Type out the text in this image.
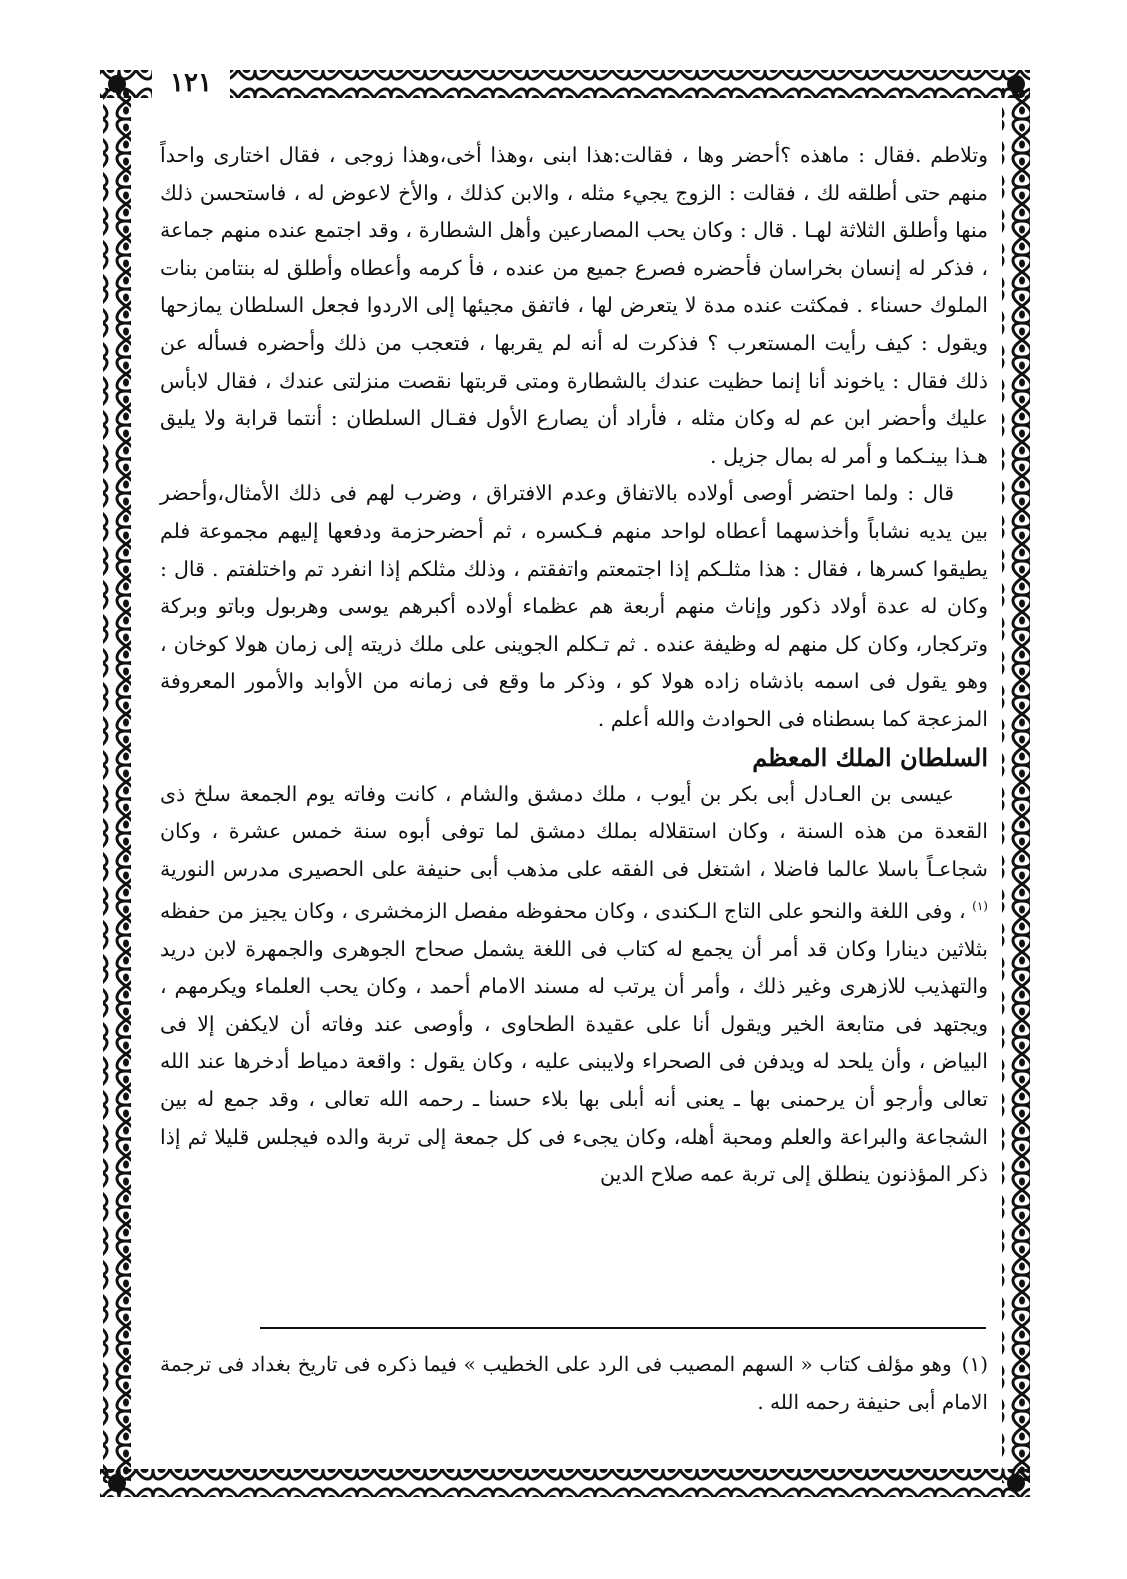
١٢١

وتلاطم .فقال : ماهذه ؟أحضر وها ، فقالت:هذا ابنى ،وهذا أخى،وهذا زوجى ، فقال اختارى واحداً منهم حتى أطلقه لك ، فقالت : الزوج يجيء مثله ، والابن كذلك ، والأخ لاعوض له ، فاستحسن ذلك منها وأطلق الثلاثة لهـا . قال : وكان يحب المصارعين وأهل الشطارة ، وقد اجتمع عنده منهم جماعة ، فذكر له إنسان بخراسان فأحضره فصرع جميع من عنده ، فأ كرمه وأعطاه وأطلق له بنتامن بنات الملوك حسناء . فمكثت عنده مدة لا يتعرض لها ، فاتفق مجيئها إلى الاردوا فجعل السلطان يمازحها ويقول : كيف رأيت المستعرب ؟ فذكرت له أنه لم يقربها ، فتعجب من ذلك وأحضره فسأله عن ذلك فقال : ياخوند أنا إنما حظيت عندك بالشطارة ومتى قربتها نقصت منزلتى عندك ، فقال لابأس عليك وأحضر ابن عم له وكان مثله ، فأراد أن يصارع الأول فقـال السلطان : أنتما قرابة ولا يليق هـذا بينـكما و أمر له بمال جزيل .

قال : ولما احتضر أوصى أولاده بالاتفاق وعدم الافتراق ، وضرب لهم فى ذلك الأمثال،وأحضر بين يديه نشاباً وأخذسهما أعطاه لواحد منهم فـكسره ، ثم أحضرحزمة ودفعها إليهم مجموعة فلم يطيقوا كسرها ، فقال : هذا مثلـكم إذا اجتمعتم واتفقتم ، وذلك مثلكم إذا انفرد تم واختلفتم . قال : وكان له عدة أولاد ذكور وإناث منهم أربعة هم عظماء أولاده أكبرهم يوسى وهربول وباتو وبركة وتركجار، وكان كل منهم له وظيفة عنده . ثم تـكلم الجوينى على ملك ذريته إلى زمان هولا كوخان ، وهو يقول فى اسمه باذشاه زاده هولا كو ، وذكر ما وقع فى زمانه من الأوابد والأمور المعروفة المزعجة كما بسطناه فى الحوادث والله أعلم .

السلطان الملك المعظم

عيسى بن العـادل أبى بكر بن أيوب ، ملك دمشق والشام ، كانت وفاته يوم الجمعة سلخ ذى القعدة من هذه السنة ، وكان استقلاله بملك دمشق لما توفى أبوه سنة خمس عشرة ، وكان شجاعـاً باسلا عالما فاضلا ، اشتغل فى الفقه على مذهب أبى حنيفة على الحصيرى مدرس النورية $^{(١)}$ ، وفى اللغة والنحو على التاج الـكندى ، وكان محفوظه مفصل الزمخشرى ، وكان يجيز من حفظه بثلاثين دينارا وكان قد أمر أن يجمع له كتاب فى اللغة يشمل صحاح الجوهرى والجمهرة لابن دريد والتهذيب للازهرى وغير ذلك ، وأمر أن يرتب له مسند الامام أحمد ، وكان يحب العلماء ويكرمهم ، ويجتهد فى متابعة الخير ويقول أنا على عقيدة الطحاوى ، وأوصى عند وفاته أن لايكفن إلا فى البياض ، وأن يلحد له ويدفن فى الصحراء ولايبنى عليه ، وكان يقول : واقعة دمياط أدخرها عند الله تعالى وأرجو أن يرحمنى بها ـ يعنى أنه أبلى بها بلاء حسنا ـ رحمه الله تعالى ، وقد جمع له بين الشجاعة والبراعة والعلم ومحبة أهله، وكان يجىء فى كل جمعة إلى تربة والده فيجلس قليلا ثم إذا ذكر المؤذنون ينطلق إلى تربة عمه صلاح الدين

(١)وهو مؤلف كتاب « السهم المصيب فى الرد على الخطيب » فيما ذكره فى تاريخ بغداد فى ترجمة الامام أبى حنيفة رحمه الله .
